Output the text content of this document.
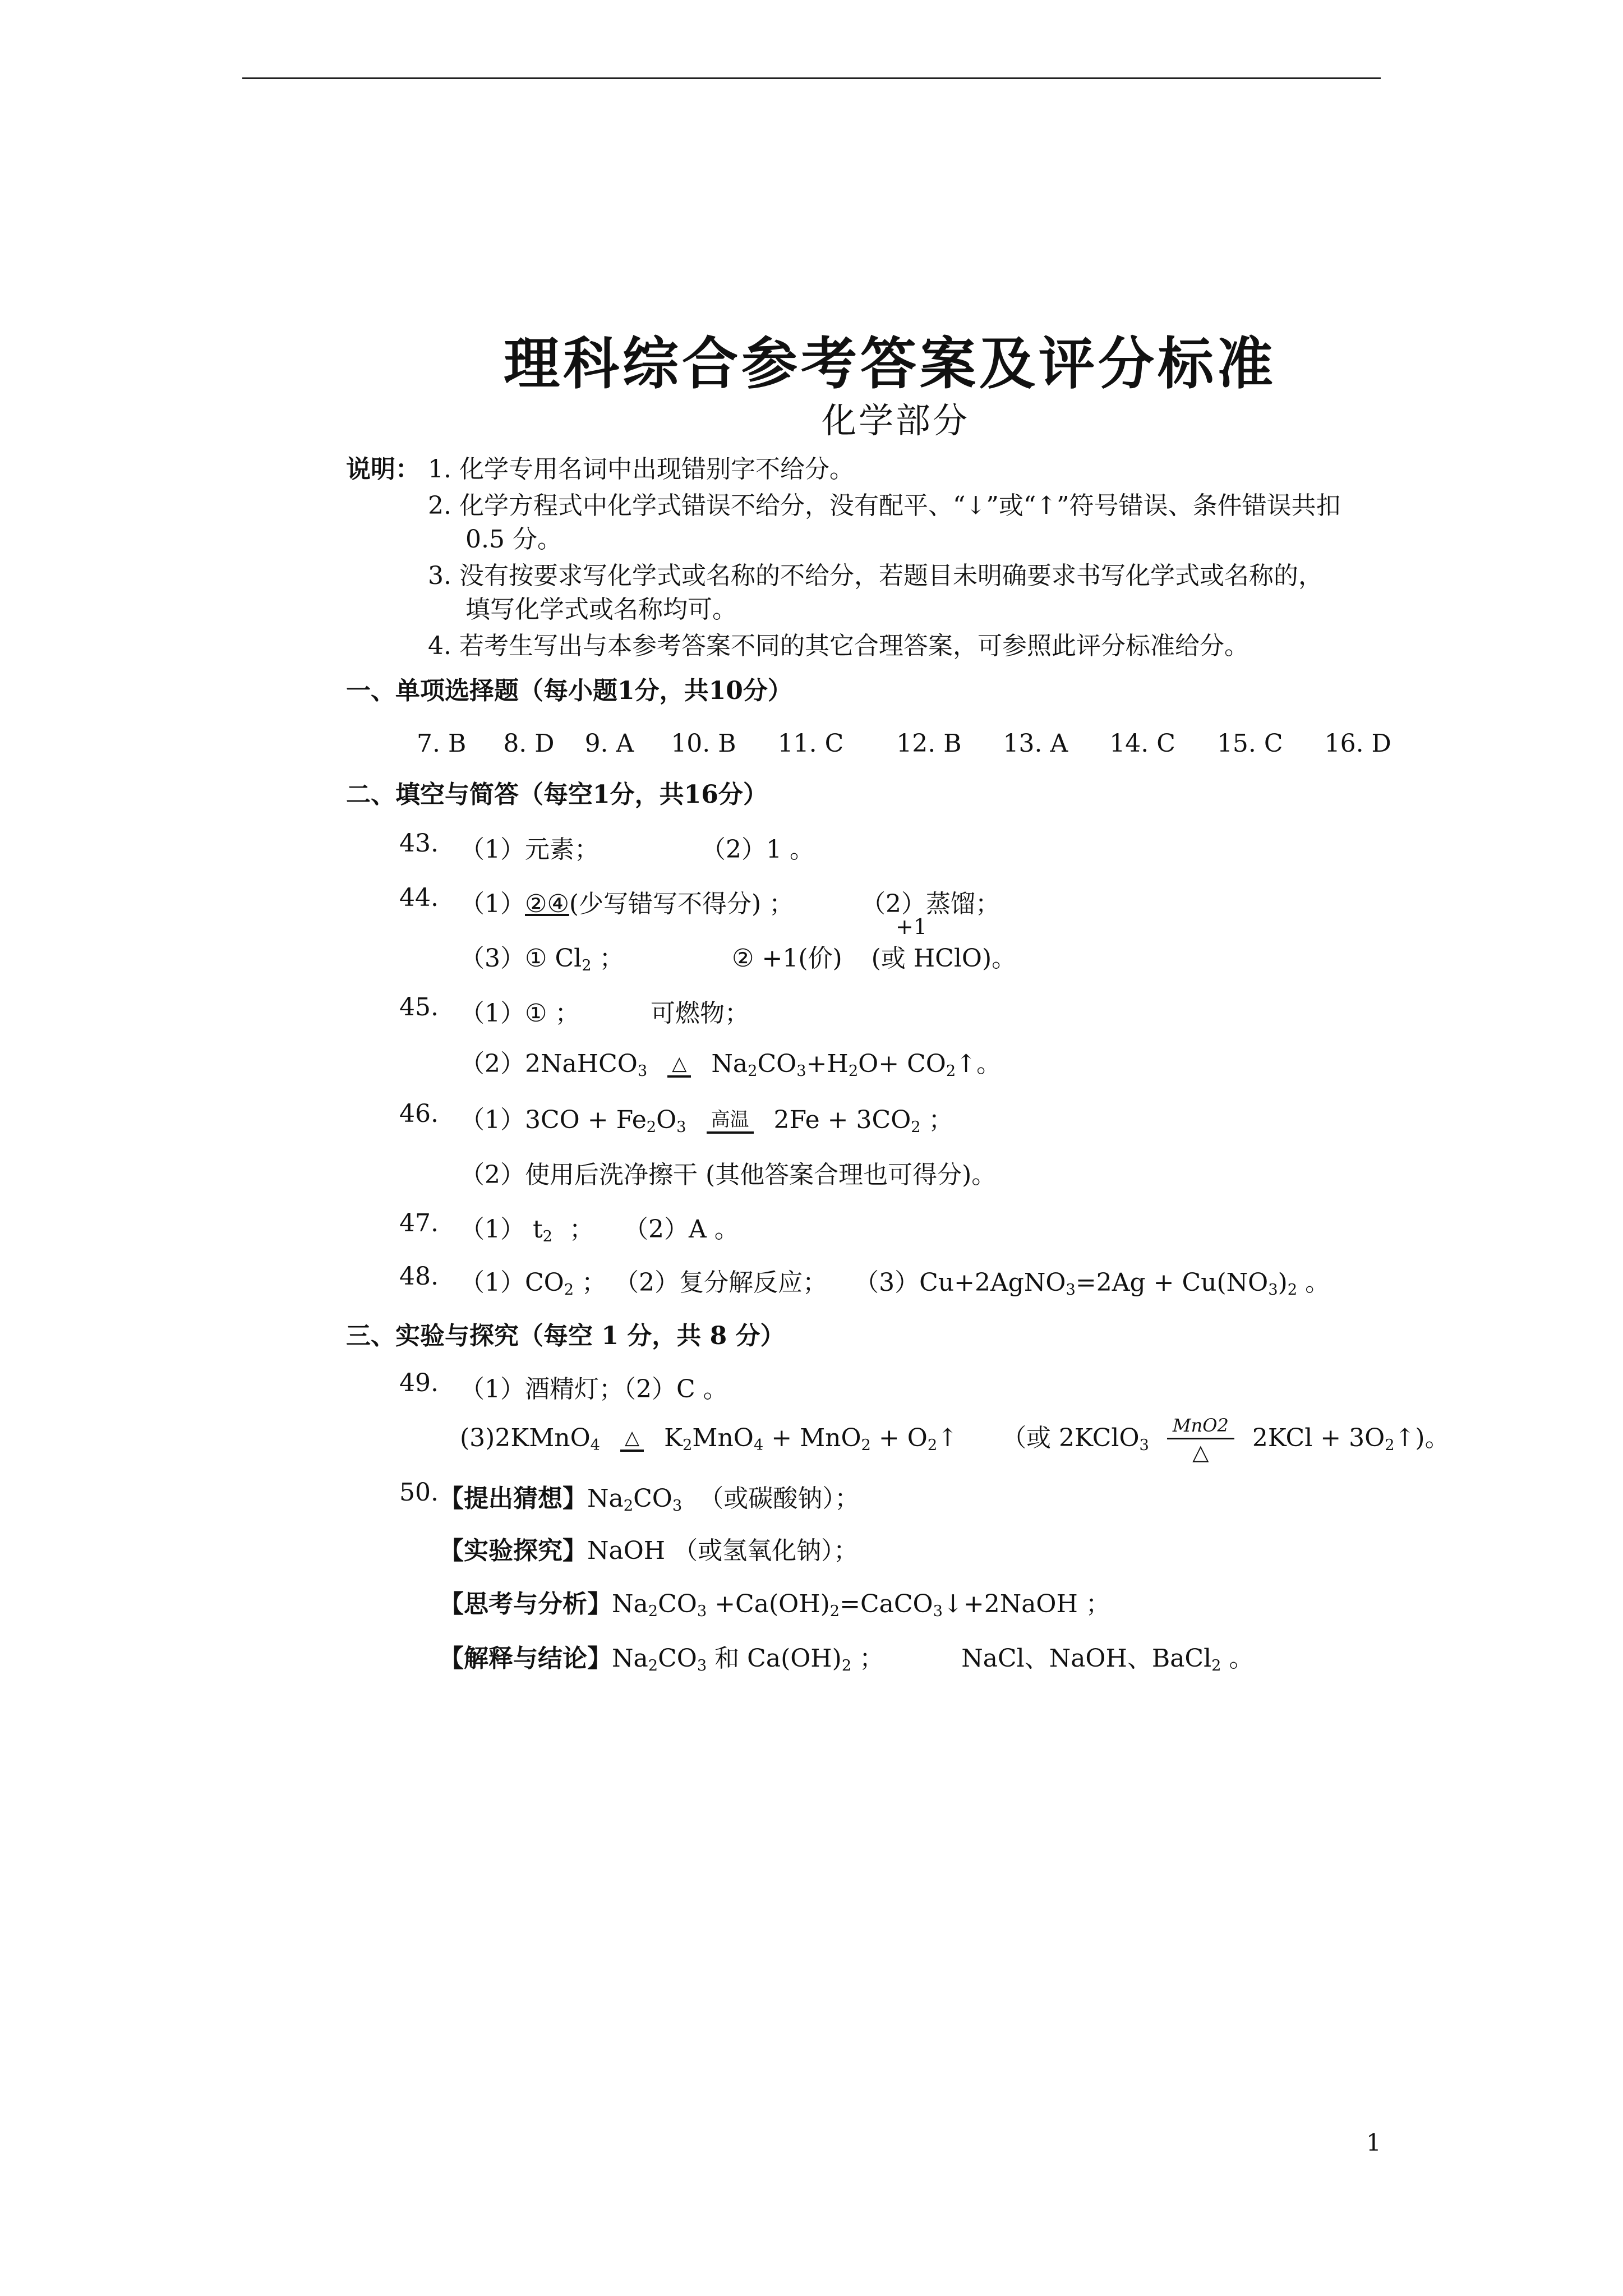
理科综合参考答案及评分标准
化学部分
说明： 1. 化学专用名词中出现错别字不给分。
2. 化学方程式中化学式错误不给分，没有配平、“↓”或“↑”符号错误、条件错误共扣
0.5 分。
3. 没有按要求写化学式或名称的不给分，若题目未明确要求书写化学式或名称的，
填写化学式或名称均可。
4. 若考生写出与本参考答案不同的其它合理答案，可参照此评分标准给分。
一、单项选择题（每小题1分，共10分）
7. B 8. D 9. A 10. B 11. C 12. B 13. A 14. C 15. C 16. D
二、填空与简答（每空1分，共16分）
43. （1）元素；	（2）1 。
44. （1）②④(少写错写不得分) ；	（2）蒸馏；
+1
（3）① $Cl_2$ ；	② +1(价) (或 HClO)。
45. （1）① ；	可燃物；
（2）2NaHCO$_3$ △ $Na_2CO_3+H_2O+$ $CO_2↑$。
46. $(1)3CO + Fe_2O_3$ 高温 $2Fe + 3CO_2$ ；
（2）使用后洗净擦干 (其他答案合理也可得分)。
47. （1） $t_2$ ； （2）A 。
48. $(1)CO_2$ ； （2）复分解反应； （3）Cu+2AgNO$_3$=2Ag + $Cu(NO_3)_2$ 。
三、实验与探究（每空 1 分，共 8 分）
49. （1）酒精灯；（2）C 。
(3)2KMnO$_4$ △ $K_2MnO_4 + MnO_2$ + $O_2↑$ （或 2KClO$_3$ $\frac{\text{MnO2}}{\triangle} 2KCl$ + $3O_2↑$)。
50. 【提出猜想】$Na_2CO_3$ （或碳酸钠）；
【实验探究】NaOH （或氢氧化钠）；
【思考与分析】$Na_2CO_3$ $+Ca(OH)_2=CaCO_3↓+2NaOH$ ；
【解释与结论】$Na_2CO_3$ 和 $Ca(OH)_2$ ；	NaCl、NaOH、BaCl$_2$ 。
1
